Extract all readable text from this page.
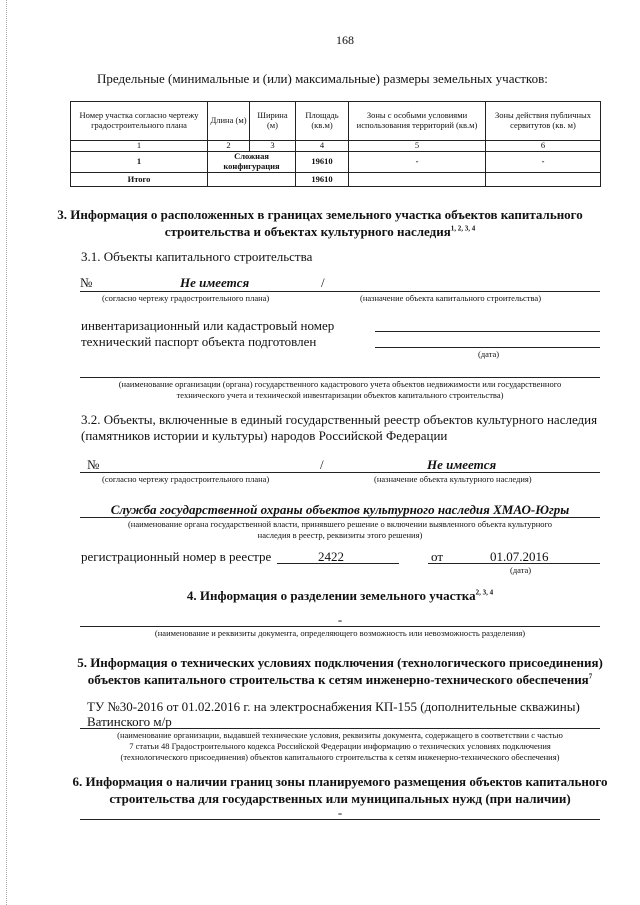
168
Предельные (минимальные и (или) максимальные) размеры земельных участков:
Номер участка согласно чертежу градостроительного плана	Длина (м)	Ширина (м)	Площадь (кв.м)	Зоны с особыми условиями использования территорий (кв.м)	Зоны действия публичных сервитутов (кв. м)
1	2	3	4	5	6
1	Сложная конфигурация		19610	-	-
Итого			19610		
3. Информация о расположенных в границах земельного участка объектов капитального
строительства и объектах культурного наследия$^{1, 2, 3, 4}$
3.1. Объекты капитального строительства
№	Не имеется	/
(согласно чертежу градостроительного плана)	(назначение объекта капитального строительства)
инвентаризационный или кадастровый номер
технический паспорт объекта подготовлен
(дата)
(наименование организации (органа) государственного кадастрового учета объектов недвижимости или государственного
технического учета и технической инвентаризации объектов капитального строительства)
3.2. Объекты, включенные в единый государственный реестр объектов культурного наследия
(памятников истории и культуры) народов Российской Федерации
№	/	Не имеется
(согласно чертежу градостроительного плана)	(назначение объекта культурного наследия)
Служба государственной охраны объектов культурного наследия ХМАО-Югры
(наименование органа государственной власти, принявшего решение о включении выявленного объекта культурного
наследия в реестр, реквизиты этого решения)
регистрационный номер в реестре	2422	от	01.07.2016
(дата)
4. Информация о разделении земельного участка$^{2, 3, 4}$
-
(наименование и реквизиты документа, определяющего возможность или невозможность разделения)
5. Информация о технических условиях подключения (технологического присоединения)
объектов капитального строительства к сетям инженерно-технического обеспечения$^7$
ТУ №30-2016 от 01.02.2016 г. на электроснабжения КП-155 (дополнительные скважины)
Ватинского м/р
(наименование организации, выдавшей технические условия, реквизиты документа, содержащего в соответствии с частью
7 статьи 48 Градостроительного кодекса Российской Федерации информацию о технических условиях подключения
(технологического присоединения) объектов капитального строительства к сетям инженерно-технического обеспечения)
6. Информация о наличии границ зоны планируемого размещения объектов капитального
строительства для государственных или муниципальных нужд (при наличии)
-
